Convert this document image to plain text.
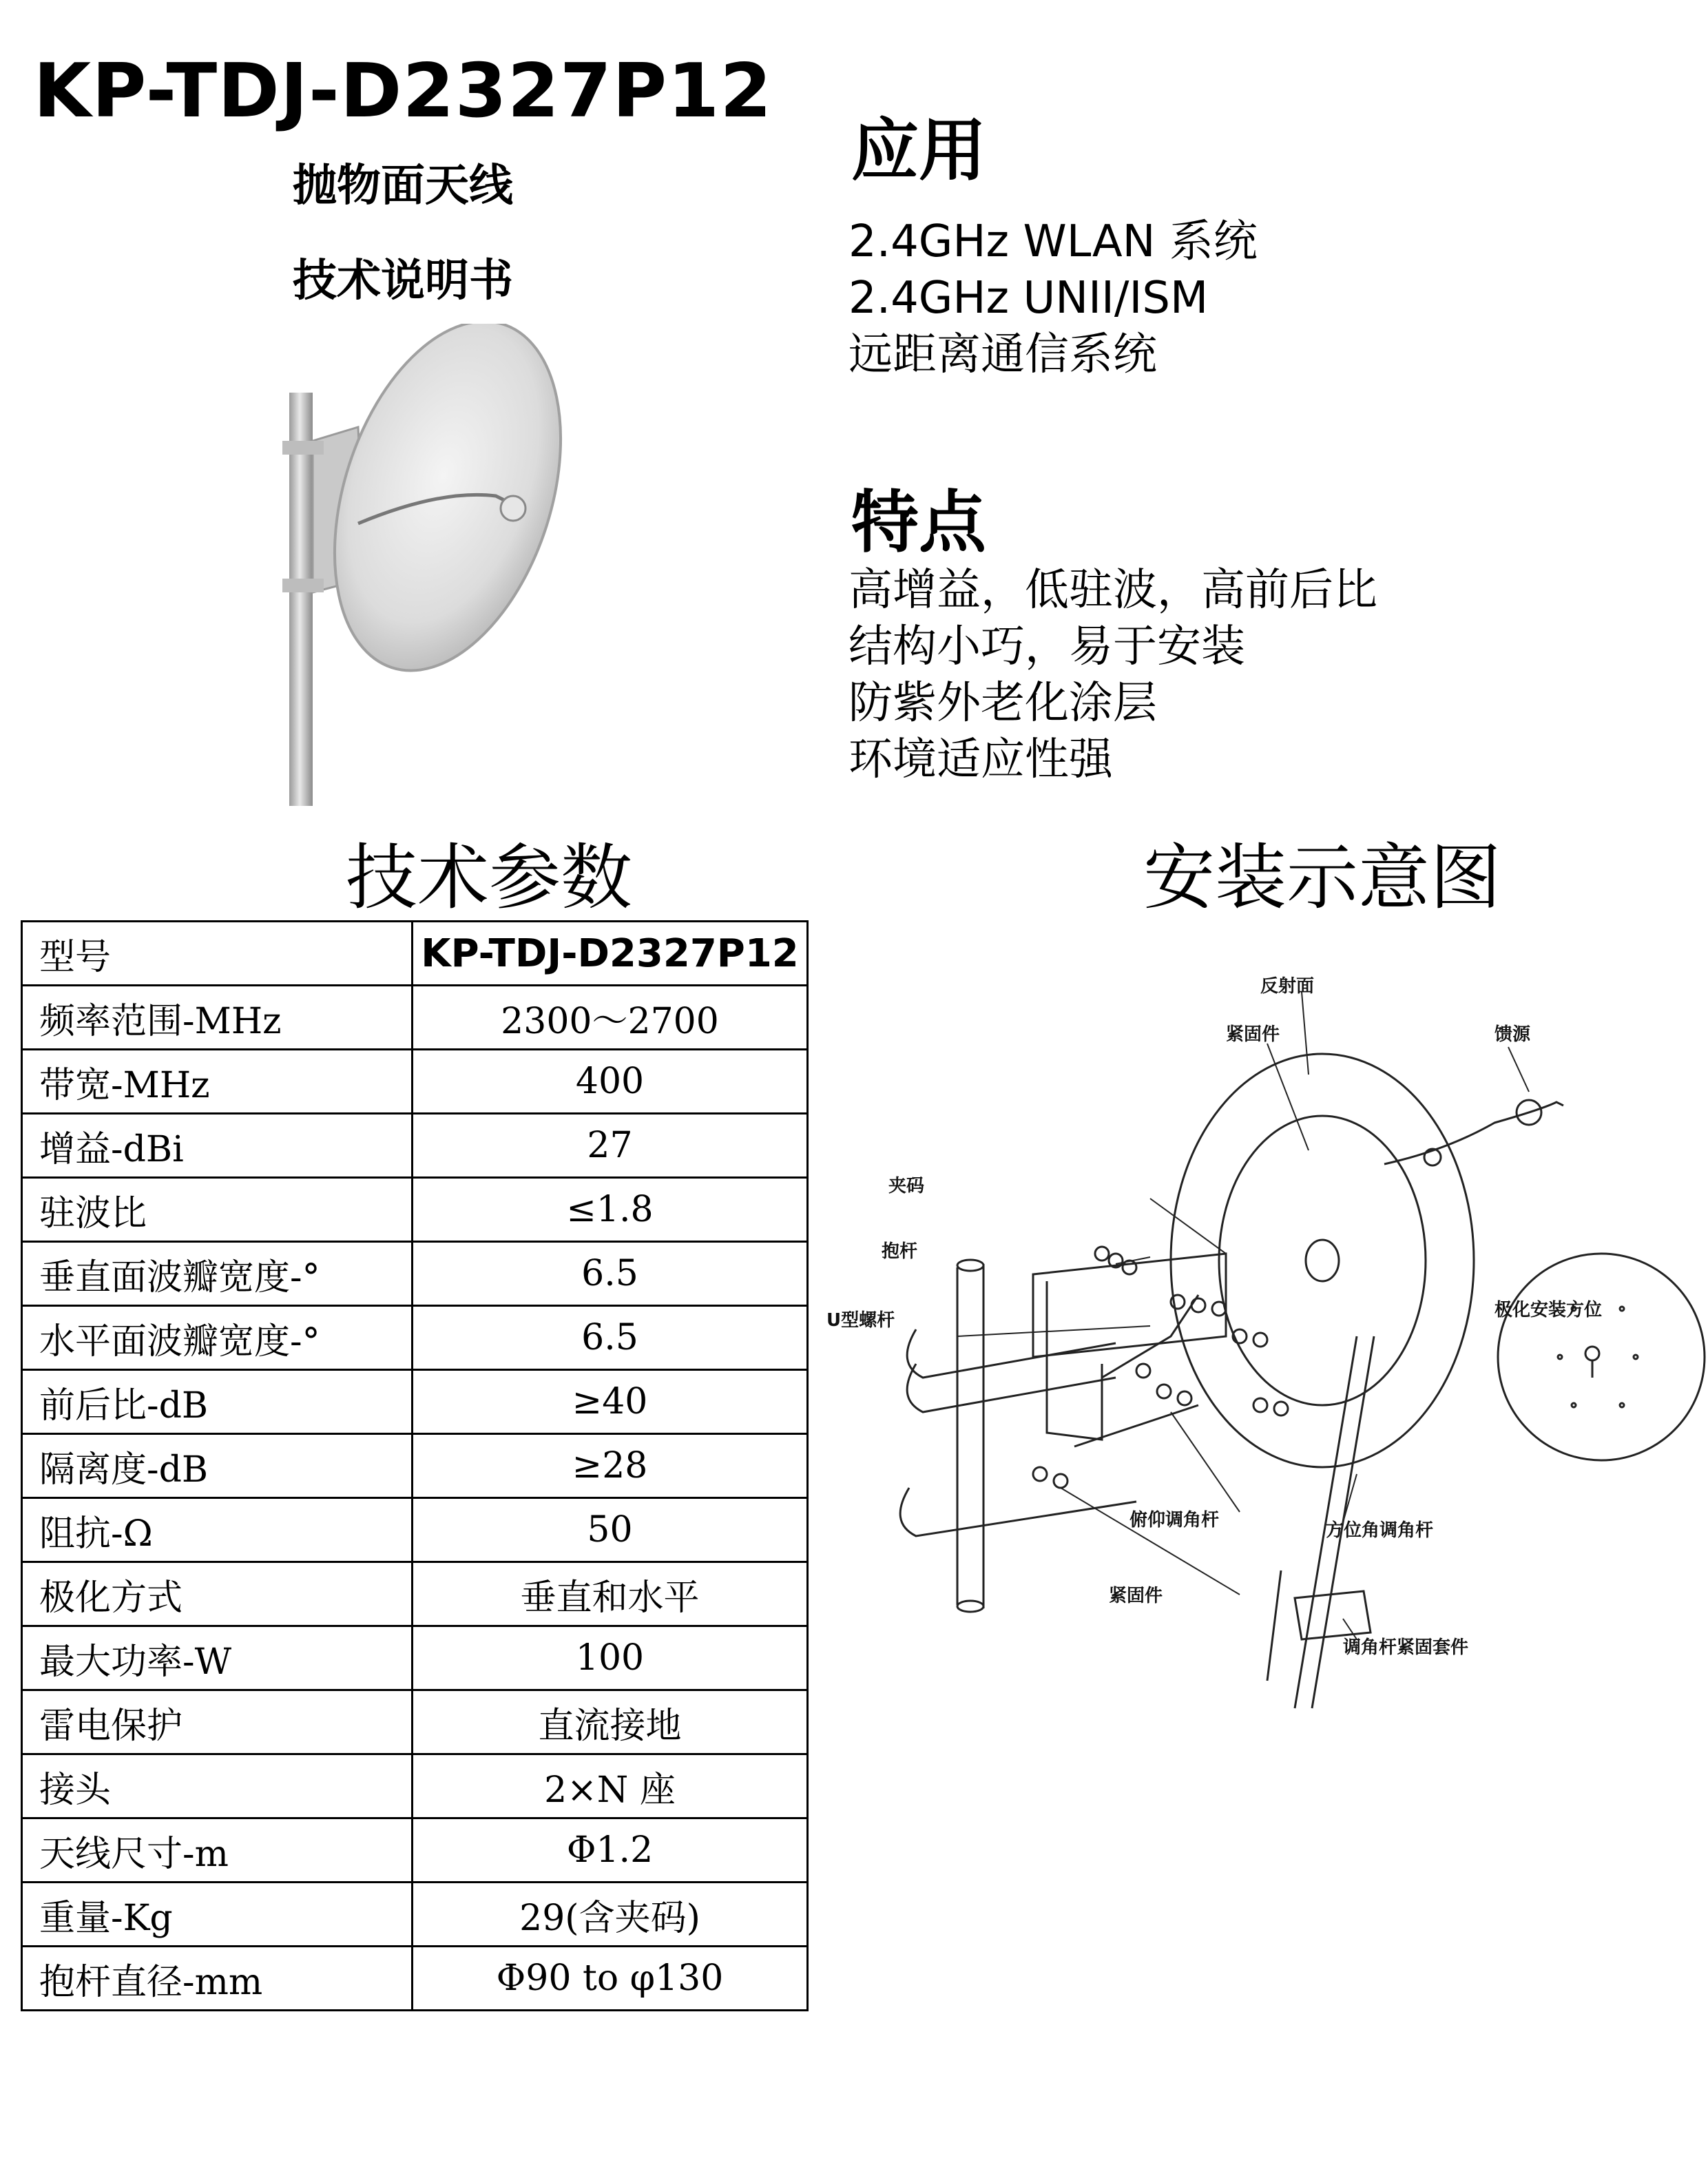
KP-TDJ-D2327P12
抛物面天线
技术说明书
应用
2.4GHz WLAN 系统
2.4GHz UNII/ISM
远距离通信系统
特点
高增益，低驻波，高前后比
结构小巧，易于安装
防紫外老化涂层
环境适应性强
技术参数	安装示意图
型号	KP-TDJ-D2327P12
频率范围-MHz	2300～2700
带宽-MHz	400
增益-dBi	27
驻波比	≤1.8
垂直面波瓣宽度-°	6.5
水平面波瓣宽度-°	6.5
前后比-dB	≥40
隔离度-dB	≥28
阻抗-Ω	50
极化方式	垂直和水平
最大功率-W	100
雷电保护	直流接地
接头	2×N 座
天线尺寸-m	Φ1.2
重量-Kg	29(含夹码)
抱杆直径-mm	Φ90 to φ130
反射面
紧固件	馈源
夹码
抱杆
U型螺杆	极化安装方位
俯仰调角杆	方位角调角杆
紧固件
调角杆紧固套件
